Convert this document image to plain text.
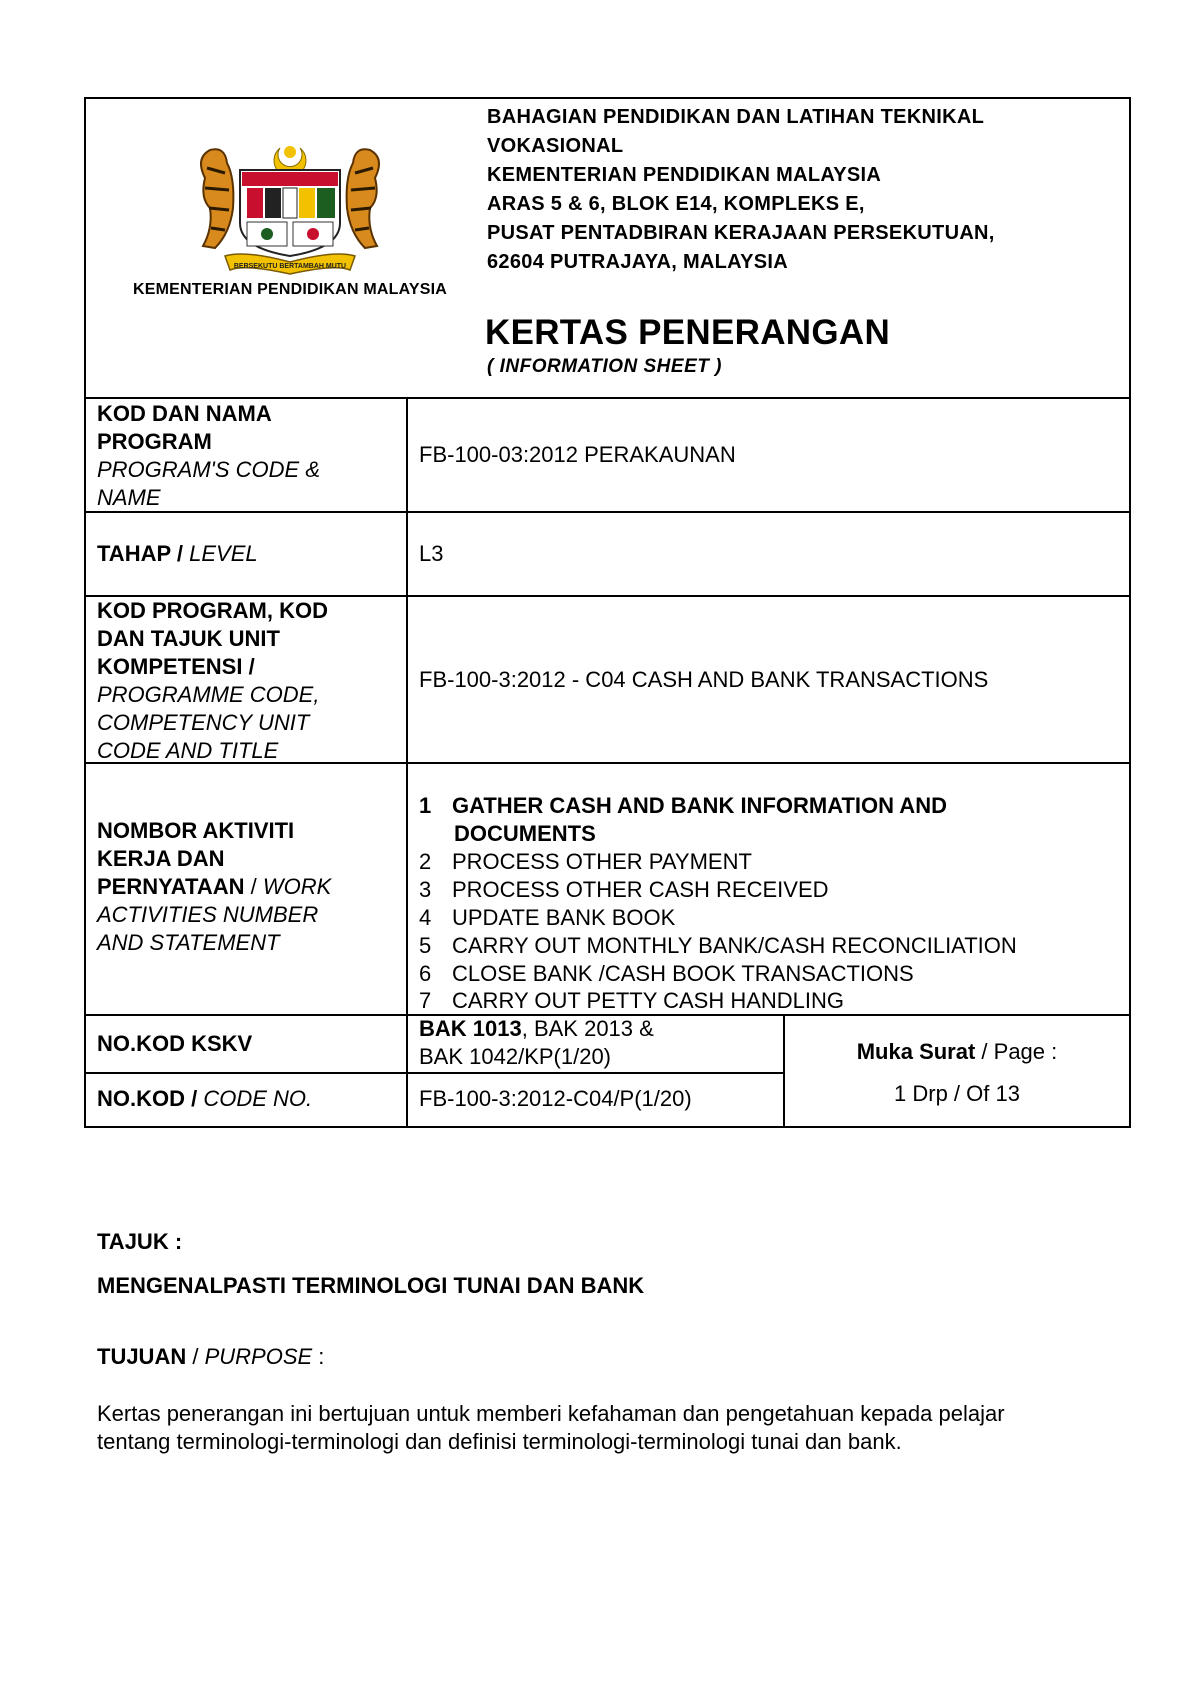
BERSEKUTU BERTAMBAH MUTU
KEMENTERIAN PENDIDIKAN MALAYSIA
BAHAGIAN PENDIDIKAN DAN LATIHAN TEKNIKAL
VOKASIONAL
KEMENTERIAN PENDIDIKAN MALAYSIA
ARAS 5 & 6, BLOK E14, KOMPLEKS E,
PUSAT PENTADBIRAN KERAJAAN PERSEKUTUAN,
62604 PUTRAJAYA, MALAYSIA
KERTAS PENERANGAN
( INFORMATION SHEET )
KOD DAN NAMA
PROGRAM
PROGRAM'S CODE &
NAME
FB-100-03:2012 PERAKAUNAN
TAHAP / LEVEL	L3
KOD PROGRAM, KOD
DAN TAJUK UNIT
KOMPETENSI /
PROGRAMME CODE,
COMPETENCY UNIT
CODE AND TITLE
FB-100-3:2012 - C04 CASH AND BANK TRANSACTIONS
NOMBOR AKTIVITI
KERJA DAN
PERNYATAAN / WORK
ACTIVITIES NUMBER
AND STATEMENT
1 GATHER CASH AND BANK INFORMATION AND
DOCUMENTS
2 PROCESS OTHER PAYMENT
3 PROCESS OTHER CASH RECEIVED
4 UPDATE BANK BOOK
5 CARRY OUT MONTHLY BANK/CASH RECONCILIATION
6 CLOSE BANK /CASH BOOK TRANSACTIONS
7 CARRY OUT PETTY CASH HANDLING
NO.KOD KSKV
BAK 1013, BAK 2013 &
BAK 1042/KP(1/20)
NO.KOD / CODE NO.	FB-100-3:2012-C04/P(1/20)
Muka Surat / Page :
1 Drp / Of 13
TAJUK :
MENGENALPASTI TERMINOLOGI TUNAI DAN BANK
TUJUAN / PURPOSE :
Kertas penerangan ini bertujuan untuk memberi kefahaman dan pengetahuan kepada pelajar
tentang terminologi-terminologi dan definisi terminologi-terminologi tunai dan bank.
